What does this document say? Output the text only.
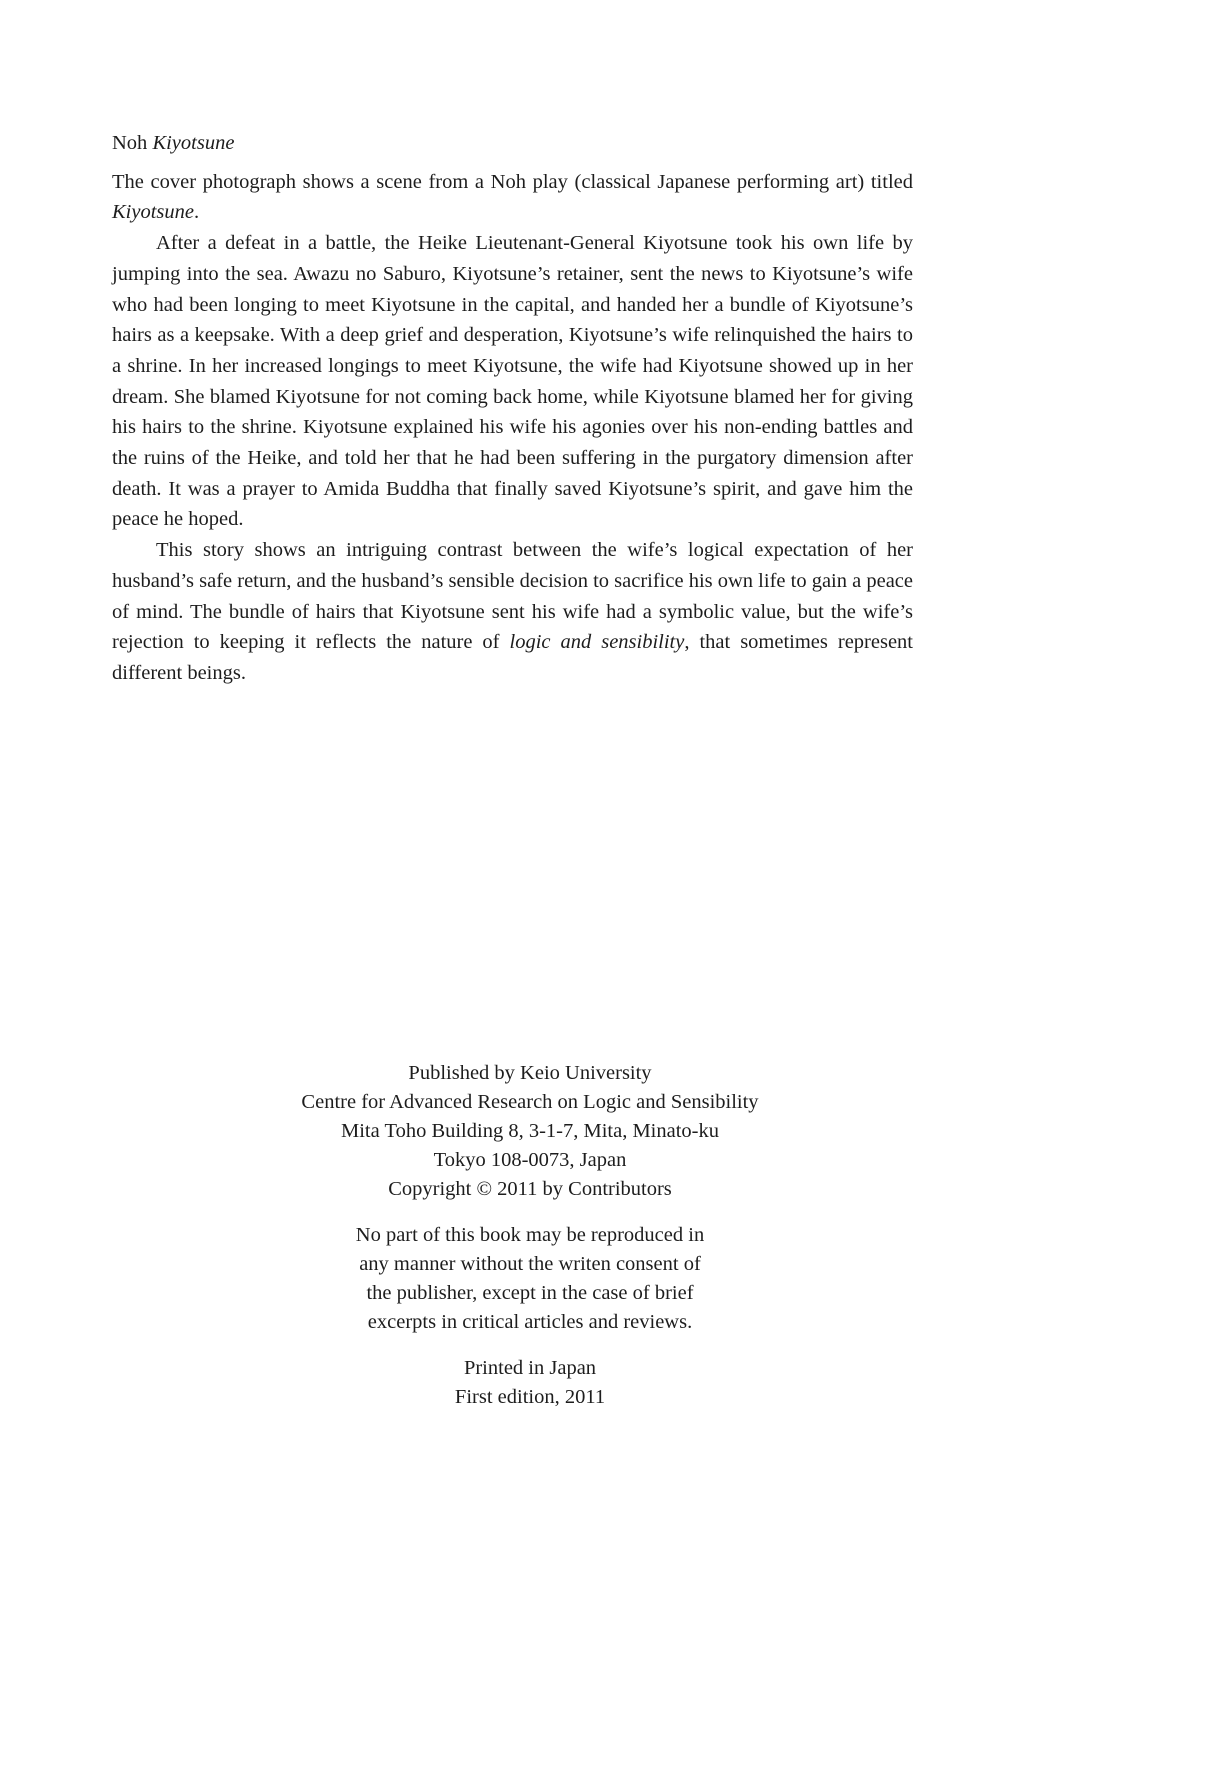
Noh Kiyotsune

The cover photograph shows a scene from a Noh play (classical Japanese performing art) titled Kiyotsune.

After a defeat in a battle, the Heike Lieutenant-General Kiyotsune took his own life by jumping into the sea. Awazu no Saburo, Kiyotsune’s retainer, sent the news to Kiyotsune’s wife who had been longing to meet Kiyotsune in the capital, and handed her a bundle of Kiyotsune’s hairs as a keepsake. With a deep grief and desperation, Kiyotsune’s wife relinquished the hairs to a shrine. In her increased longings to meet Kiyotsune, the wife had Kiyotsune showed up in her dream. She blamed Kiyotsune for not coming back home, while Kiyotsune blamed her for giving his hairs to the shrine. Kiyotsune explained his wife his agonies over his non-ending battles and the ruins of the Heike, and told her that he had been suffering in the purgatory dimension after death. It was a prayer to Amida Buddha that finally saved Kiyotsune’s spirit, and gave him the peace he hoped.

This story shows an intriguing contrast between the wife’s logical expectation of her husband’s safe return, and the husband’s sensible decision to sacrifice his own life to gain a peace of mind. The bundle of hairs that Kiyotsune sent his wife had a symbolic value, but the wife’s rejection to keeping it reflects the nature of logic and sensibility, that sometimes represent different beings.

Published by Keio University
Centre for Advanced Research on Logic and Sensibility
Mita Toho Building 8, 3-1-7, Mita, Minato-ku
Tokyo 108-0073, Japan
Copyright © 2011 by Contributors
No part of this book may be reproduced in
any manner without the writen consent of
the publisher, except in the case of brief
excerpts in critical articles and reviews.
Printed in Japan
First edition, 2011
